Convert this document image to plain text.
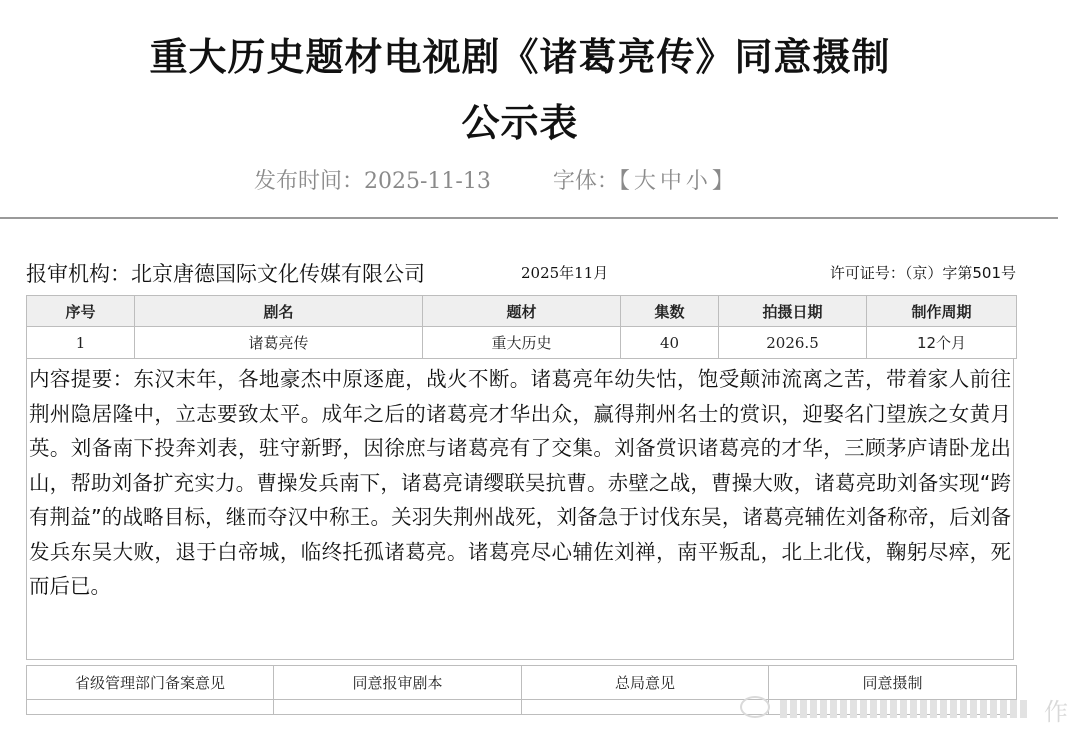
重大历史题材电视剧《诸葛亮传》同意摄制
公示表
发布时间：2025-11-13	字体：【大中小】
报审机构：北京唐德国际文化传媒有限公司	2025年11月	许可证号：（京）字第501号
序号	剧名	题材	集数	拍摄日期	制作周期
1	诸葛亮传	重大历史	40	2026.5	12个月
内容提要：东汉末年，各地豪杰中原逐鹿，战火不断。诸葛亮年幼失怙，饱受颠沛流离之苦，带着家人前往荆州隐居隆中，立志要致太平。成年之后的诸葛亮才华出众，赢得荆州名士的赏识，迎娶名门望族之女黄月英。刘备南下投奔刘表，驻守新野，因徐庶与诸葛亮有了交集。刘备赏识诸葛亮的才华，三顾茅庐请卧龙出山，帮助刘备扩充实力。曹操发兵南下，诸葛亮请缨联吴抗曹。赤壁之战，曹操大败，诸葛亮助刘备实现“跨有荆益”的战略目标，继而夺汉中称王。关羽失荆州战死，刘备急于讨伐东吴，诸葛亮辅佐刘备称帝，后刘备发兵东吴大败，退于白帝城，临终托孤诸葛亮。诸葛亮尽心辅佐刘禅，南平叛乱，北上北伐，鞠躬尽瘁，死而后已。
省级管理部门备案意见	同意报审剧本	总局意见	同意摄制

作
